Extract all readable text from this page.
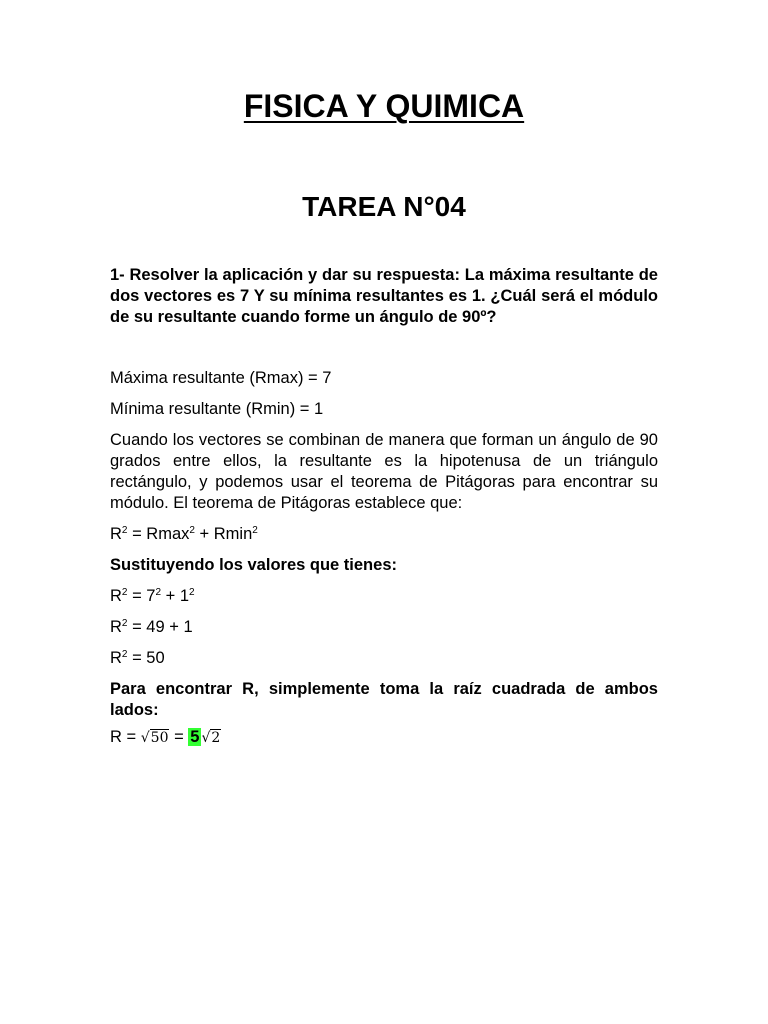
FISICA Y QUIMICA
TAREA N°04

1- Resolver la aplicación y dar su respuesta: La máxima resultante de dos vectores es 7 Y su mínima resultantes es 1. ¿Cuál será el módulo de su resultante cuando forme un ángulo de 90º?

Máxima resultante (Rmax) = 7

Mínima resultante (Rmin) = 1

Cuando los vectores se combinan de manera que forman un ángulo de 90 grados entre ellos, la resultante es la hipotenusa de un triángulo rectángulo, y podemos usar el teorema de Pitágoras para encontrar su módulo. El teorema de Pitágoras establece que:

$R^2 = Rmax^2 + Rmin^2$

Sustituyendo los valores que tienes:

$R^2 = 7^2 + 1^2$

$R^2 = 49 + 1$

$R^2 = 50$

Para encontrar R, simplemente toma la raíz cuadrada de ambos lados:

R = √50 = 5 √2
